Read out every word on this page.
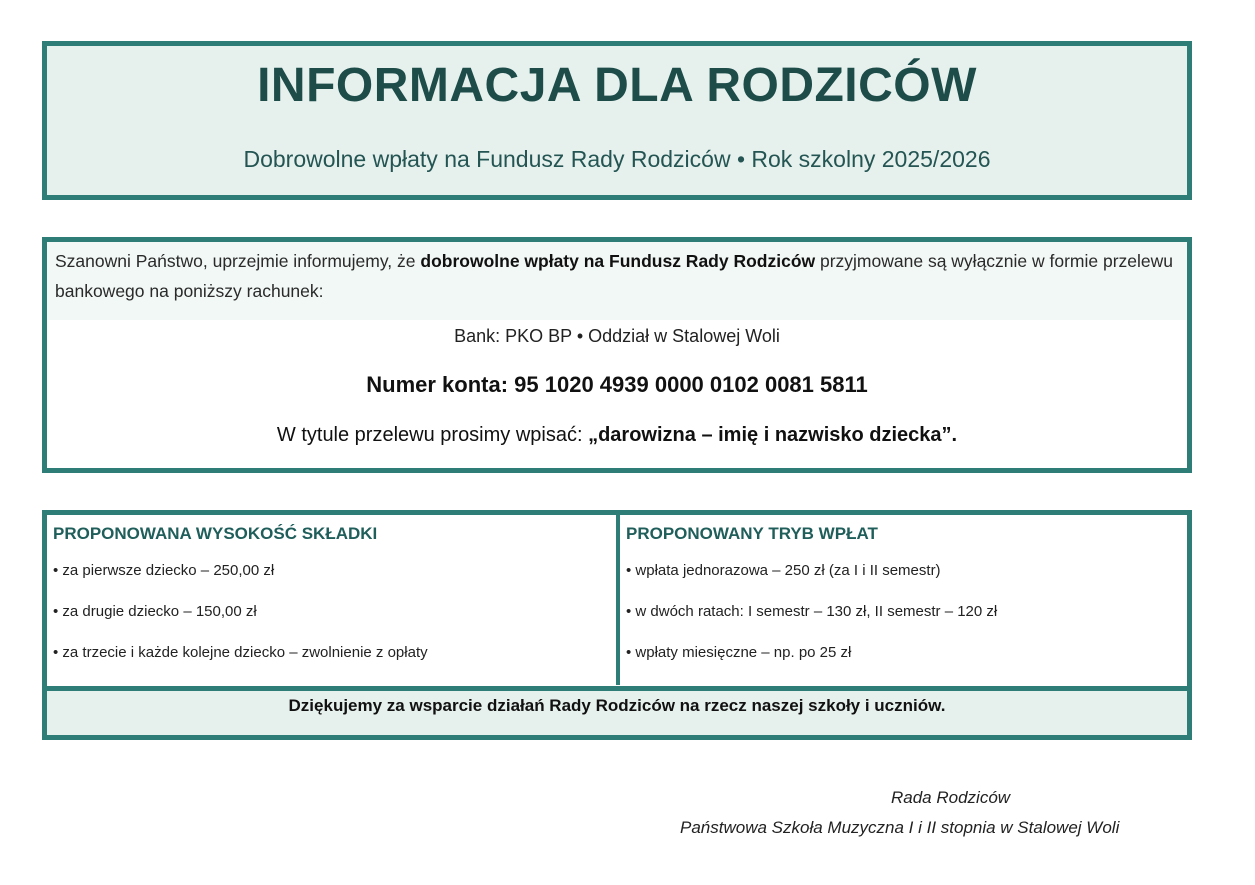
INFORMACJA DLA RODZICÓW
Dobrowolne wpłaty na Fundusz Rady Rodziców • Rok szkolny 2025/2026
Szanowni Państwo, uprzejmie informujemy, że dobrowolne wpłaty na Fundusz Rady Rodziców przyjmowane są wyłącznie w formie przelewu bankowego na poniższy rachunek:
Bank: PKO BP • Oddział w Stalowej Woli
Numer konta: 95 1020 4939 0000 0102 0081 5811
W tytule przelewu prosimy wpisać: „darowizna – imię i nazwisko dziecka”.

PROPONOWANA WYSOKOŚĆ SKŁADKI

• za pierwsze dziecko – 250,00 zł
• za drugie dziecko – 150,00 zł
• za trzecie i każde kolejne dziecko – zwolnienie z opłaty

PROPONOWANY TRYB WPŁAT

• wpłata jednorazowa – 250 zł (za I i II semestr)
• w dwóch ratach: I semestr – 130 zł, II semestr – 120 zł
• wpłaty miesięczne – np. po 25 zł
Dziękujemy za wsparcie działań Rady Rodziców na rzecz naszej szkoły i uczniów.
Rada Rodziców
Państwowa Szkoła Muzyczna I i II stopnia w Stalowej Woli
